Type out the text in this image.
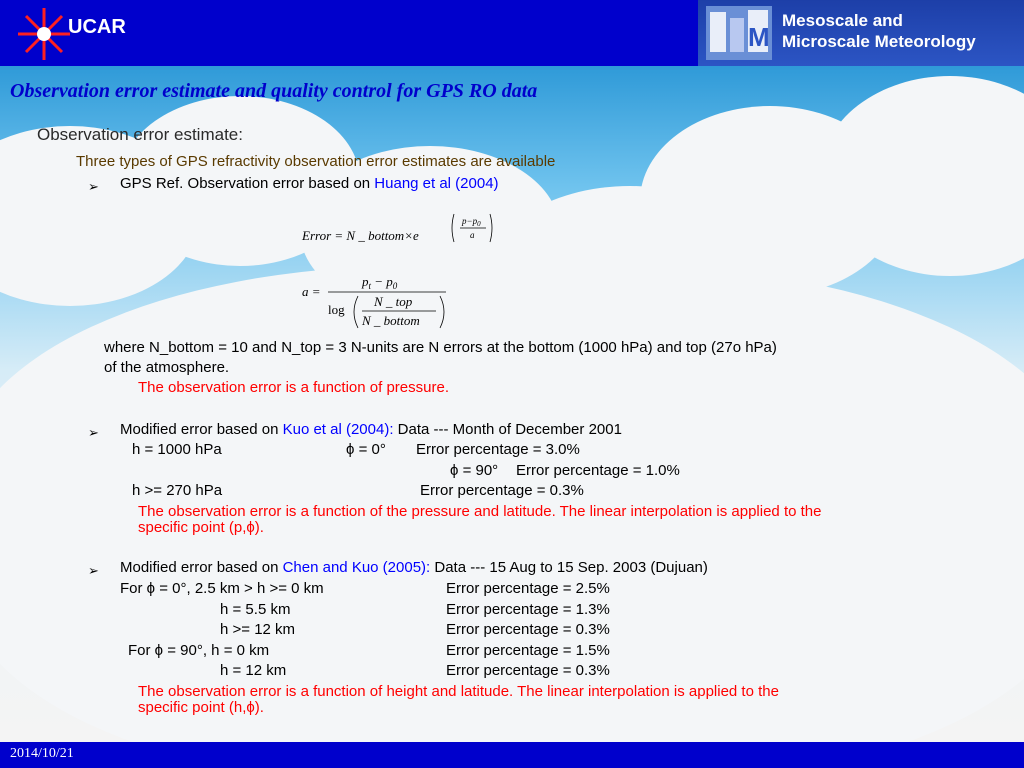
UCAR	M
Mesoscale and
Microscale Meteorology
Observation error estimate and quality control for GPS RO data
Observation error estimate:
Three types of GPS refractivity observation error estimates are available
➢ GPS Ref. Observation error based on Huang et al (2004)
Error = N _ bottom×e
$p-p_0$
a
a =
$p_t - p_0$
log
N _ top
N _ bottom
where N_bottom = 10 and N_top = 3 N-units are N errors at the bottom (1000 hPa) and top (27o hPa)
of the atmosphere.
The observation error is a function of pressure.
➢ Modified error based on Kuo et al (2004): Data --- Month of December 2001
h = 1000 hPa	ϕ = 0° Error percentage = 3.0%
ϕ = 90° Error percentage = 1.0%
h >= 270 hPa	Error percentage = 0.3%
The observation error is a function of the pressure and latitude. The linear interpolation is applied to the
specific point (p,ϕ).
➢ Modified error based on Chen and Kuo (2005): Data --- 15 Aug to 15 Sep. 2003 (Dujuan)
For ϕ = 0°, 2.5 km > h >= 0 km	Error percentage = 2.5%
h = 5.5 km	Error percentage = 1.3%
h >= 12 km	Error percentage = 0.3%
For ϕ = 90°, h = 0 km	Error percentage = 1.5%
h = 12 km	Error percentage = 0.3%
The observation error is a function of height and latitude. The linear interpolation is applied to the
specific point (h,ϕ).
2014/10/21
